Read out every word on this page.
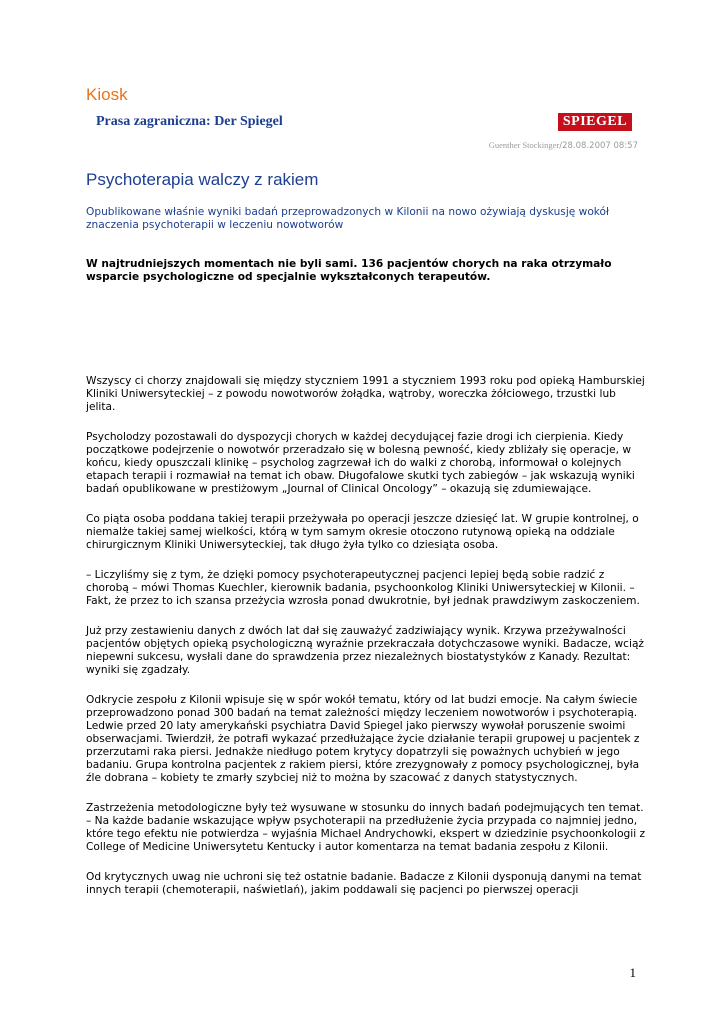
Kiosk
Prasa zagraniczna: Der Spiegel	SPIEGEL
Guenther Stockinger/28.08.2007 08:57
Psychoterapia walczy z rakiem
Opublikowane właśnie wyniki badań przeprowadzonych w Kilonii na nowo ożywiają dyskusję wokół znaczenia psychoterapii w leczeniu nowotworów
W najtrudniejszych momentach nie byli sami. 136 pacjentów chorych na raka otrzymało wsparcie psychologiczne od specjalnie wykształconych terapeutów.

Wszyscy ci chorzy znajdowali się między styczniem 1991 a styczniem 1993 roku pod opieką Hamburskiej Kliniki Uniwersyteckiej – z powodu nowotworów żołądka, wątroby, woreczka żółciowego, trzustki lub jelita.

Psycholodzy pozostawali do dyspozycji chorych w każdej decydującej fazie drogi ich cierpienia. Kiedy początkowe podejrzenie o nowotwór przeradzało się w bolesną pewność, kiedy zbliżały się operacje, w końcu, kiedy opuszczali klinikę – psycholog zagrzewał ich do walki z chorobą, informował o kolejnych etapach terapii i rozmawiał na temat ich obaw. Długofalowe skutki tych zabiegów – jak wskazują wyniki badań opublikowane w prestiżowym „Journal of Clinical Oncology” – okazują się zdumiewające.

Co piąta osoba poddana takiej terapii przeżywała po operacji jeszcze dziesięć lat. W grupie kontrolnej, o niemalże takiej samej wielkości, którą w tym samym okresie otoczono rutynową opieką na oddziale chirurgicznym Kliniki Uniwersyteckiej, tak długo żyła tylko co dziesiąta osoba.

– Liczyliśmy się z tym, że dzięki pomocy psychoterapeutycznej pacjenci lepiej będą sobie radzić z chorobą – mówi Thomas Kuechler, kierownik badania, psychoonkolog Kliniki Uniwersyteckiej w Kilonii. – Fakt, że przez to ich szansa przeżycia wzrosła ponad dwukrotnie, był jednak prawdziwym zaskoczeniem.

Już przy zestawieniu danych z dwóch lat dał się zauważyć zadziwiający wynik. Krzywa przeżywalności pacjentów objętych opieką psychologiczną wyraźnie przekraczała dotychczasowe wyniki. Badacze, wciąż niepewni sukcesu, wysłali dane do sprawdzenia przez niezależnych biostatystyków z Kanady. Rezultat: wyniki się zgadzały.

Odkrycie zespołu z Kilonii wpisuje się w spór wokół tematu, który od lat budzi emocje. Na całym świecie przeprowadzono ponad 300 badań na temat zależności między leczeniem nowotworów i psychoterapią. Ledwie przed 20 laty amerykański psychiatra David Spiegel jako pierwszy wywołał poruszenie swoimi obserwacjami. Twierdził, że potrafi wykazać przedłużające życie działanie terapii grupowej u pacjentek z przerzutami raka piersi. Jednakże niedługo potem krytycy dopatrzyli się poważnych uchybień w jego badaniu. Grupa kontrolna pacjentek z rakiem piersi, które zrezygnowały z pomocy psychologicznej, była źle dobrana – kobiety te zmarły szybciej niż to można by szacować z danych statystycznych.

Zastrzeżenia metodologiczne były też wysuwane w stosunku do innych badań podejmujących ten temat. – Na każde badanie wskazujące wpływ psychoterapii na przedłużenie życia przypada co najmniej jedno, które tego efektu nie potwierdza – wyjaśnia Michael Andrychowki, ekspert w dziedzinie psychoonkologii z College of Medicine Uniwersytetu Kentucky i autor komentarza na temat badania zespołu z Kilonii.

Od krytycznych uwag nie uchroni się też ostatnie badanie. Badacze z Kilonii dysponują danymi na temat innych terapii (chemoterapii, naświetlań), jakim poddawali się pacjenci po pierwszej operacji

1
